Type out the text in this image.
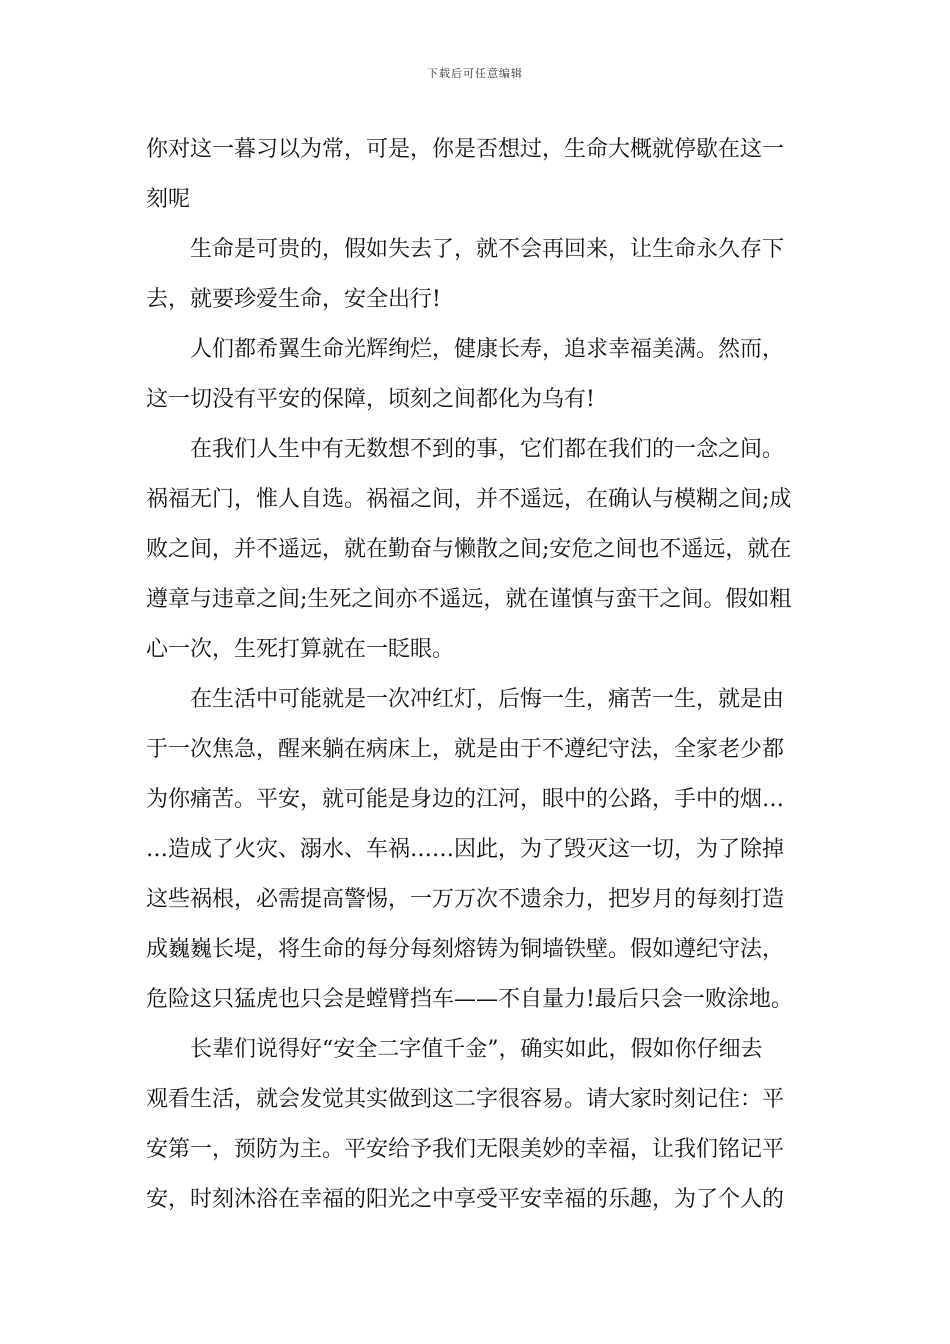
下载后可任意编辑
你对这一暮习以为常，可是，你是否想过，生命大概就停歇在这一
刻呢
生命是可贵的，假如失去了，就不会再回来，让生命永久存下
去，就要珍爱生命，安全出行!
人们都希翼生命光辉绚烂，健康长寿，追求幸福美满。然而，
这一切没有平安的保障，顷刻之间都化为乌有!
在我们人生中有无数想不到的事，它们都在我们的一念之间。
祸福无门，惟人自选。祸福之间，并不遥远，在确认与模糊之间;成
败之间，并不遥远，就在勤奋与懒散之间;安危之间也不遥远，就在
遵章与违章之间;生死之间亦不遥远，就在谨慎与蛮干之间。假如粗
心一次，生死打算就在一眨眼。
在生活中可能就是一次冲红灯，后悔一生，痛苦一生，就是由
于一次焦急，醒来躺在病床上，就是由于不遵纪守法，全家老少都
为你痛苦。平安，就可能是身边的江河，眼中的公路，手中的烟…
…造成了火灾、溺水、车祸……因此，为了毁灭这一切，为了除掉
这些祸根，必需提高警惕，一万万次不遗余力，把岁月的每刻打造
成巍巍长堤，将生命的每分每刻熔铸为铜墙铁壁。假如遵纪守法，
危险这只猛虎也只会是螳臂挡车——不自量力!最后只会一败涂地。
长辈们说得好“安全二字值千金”，确实如此，假如你仔细去
观看生活，就会发觉其实做到这二字很容易。请大家时刻记住：平
安第一，预防为主。平安给予我们无限美妙的幸福，让我们铭记平
安，时刻沐浴在幸福的阳光之中享受平安幸福的乐趣，为了个人的
